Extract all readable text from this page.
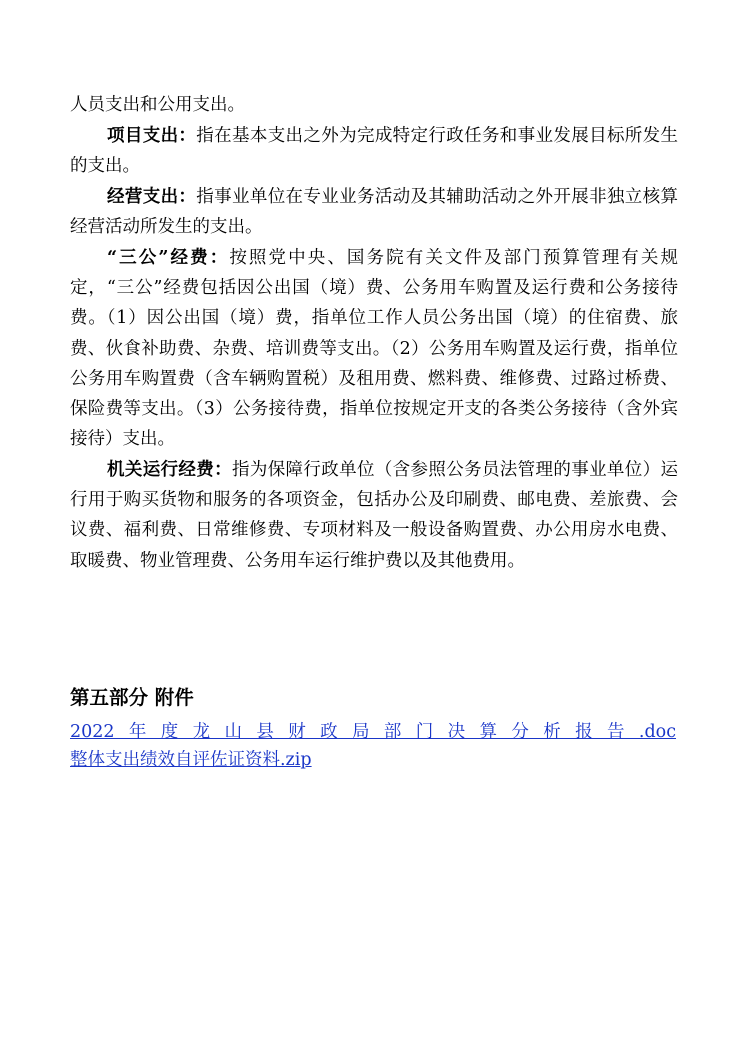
人员支出和公用支出。

项目支出：指在基本支出之外为完成特定行政任务和事业发展目标所发生的支出。

经营支出：指事业单位在专业业务活动及其辅助活动之外开展非独立核算经营活动所发生的支出。

“三公”经费：按照党中央、国务院有关文件及部门预算管理有关规定，“三公”经费包括因公出国（境）费、公务用车购置及运行费和公务接待费。（1）因公出国（境）费，指单位工作人员公务出国（境）的住宿费、旅费、伙食补助费、杂费、培训费等支出。（2）公务用车购置及运行费，指单位公务用车购置费（含车辆购置税）及租用费、燃料费、维修费、过路过桥费、保险费等支出。（3）公务接待费，指单位按规定开支的各类公务接待（含外宾接待）支出。

机关运行经费：指为保障行政单位（含参照公务员法管理的事业单位）运行用于购买货物和服务的各项资金，包括办公及印刷费、邮电费、差旅费、会议费、福利费、日常维修费、专项材料及一般设备购置费、办公用房水电费、取暖费、物业管理费、公务用车运行维护费以及其他费用。

第五部分 附件
2022年度龙山县财政局部门决算分析报告.doc
整体支出绩效自评佐证资料.zip
